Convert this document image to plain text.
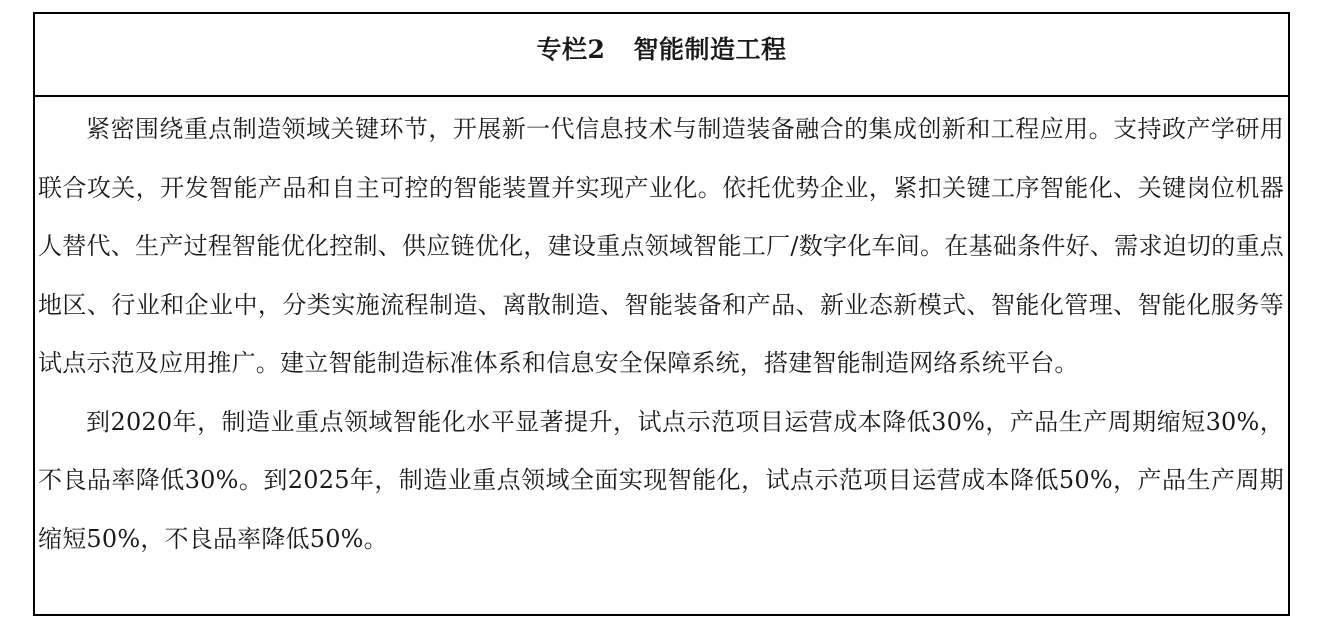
专栏2 智能制造工程

紧密围绕重点制造领域关键环节，开展新一代信息技术与制造装备融合的集成创新和工程应用。支持政产学研用联合攻关，开发智能产品和自主可控的智能装置并实现产业化。依托优势企业，紧扣关键工序智能化、关键岗位机器人替代、生产过程智能优化控制、供应链优化，建设重点领域智能工厂/数字化车间。在基础条件好、需求迫切的重点地区、行业和企业中，分类实施流程制造、离散制造、智能装备和产品、新业态新模式、智能化管理、智能化服务等试点示范及应用推广。建立智能制造标准体系和信息安全保障系统，搭建智能制造网络系统平台。

到2020年，制造业重点领域智能化水平显著提升，试点示范项目运营成本降低30%，产品生产周期缩短30%，不良品率降低30%。到2025年，制造业重点领域全面实现智能化，试点示范项目运营成本降低50%，产品生产周期缩短50%，不良品率降低50%。
